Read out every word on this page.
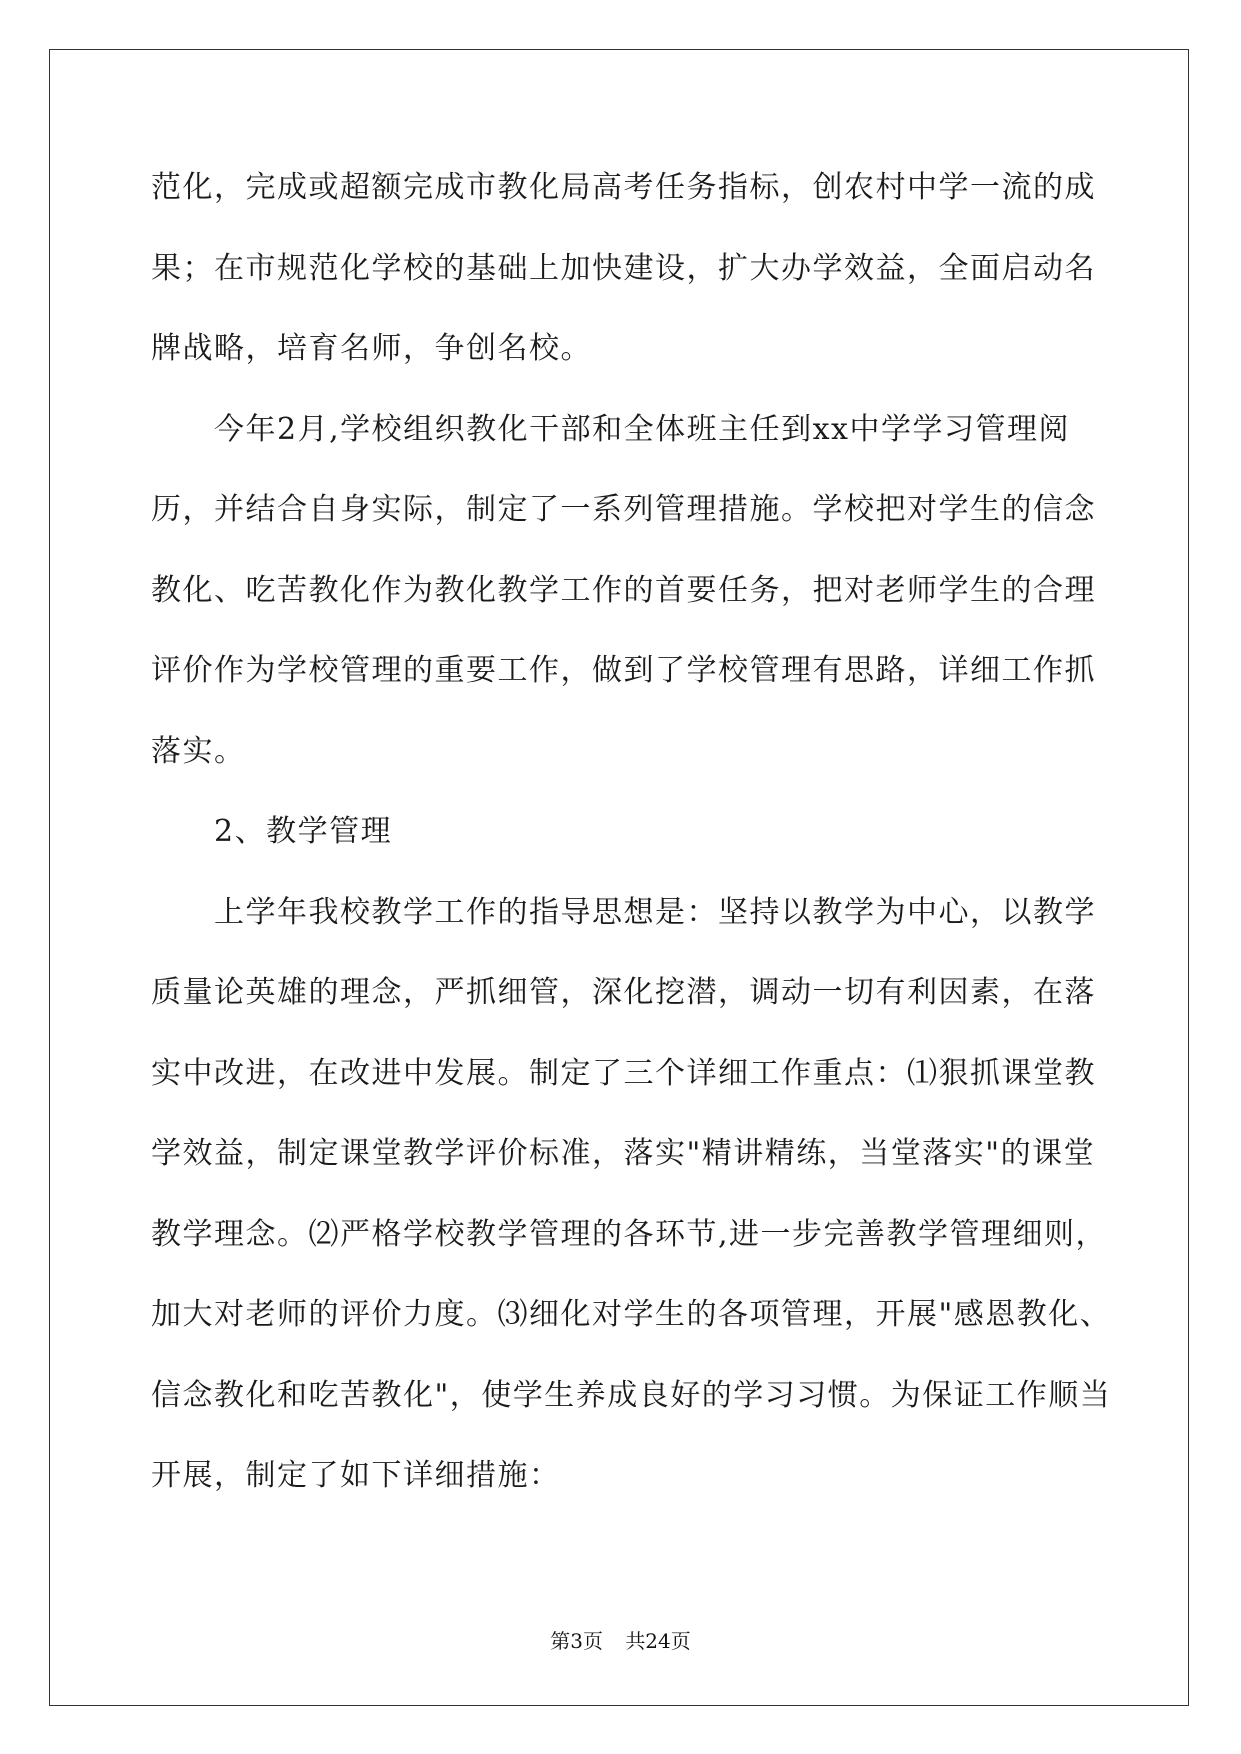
范化，完成或超额完成市教化局高考任务指标，创农村中学一流的成
果；在市规范化学校的基础上加快建设，扩大办学效益，全面启动名
牌战略，培育名师，争创名校。
　　今年2月,学校组织教化干部和全体班主任到xx中学学习管理阅
历，并结合自身实际，制定了一系列管理措施。学校把对学生的信念
教化、吃苦教化作为教化教学工作的首要任务，把对老师学生的合理
评价作为学校管理的重要工作，做到了学校管理有思路，详细工作抓
落实。
　　2、教学管理
　　上学年我校教学工作的指导思想是：坚持以教学为中心，以教学
质量论英雄的理念，严抓细管，深化挖潜，调动一切有利因素，在落
实中改进，在改进中发展。制定了三个详细工作重点：⑴狠抓课堂教
学效益，制定课堂教学评价标准，落实"精讲精练，当堂落实"的课堂
教学理念。⑵严格学校教学管理的各环节,进一步完善教学管理细则，
加大对老师的评价力度。⑶细化对学生的各项管理，开展"感恩教化、
信念教化和吃苦教化"，使学生养成良好的学习习惯。为保证工作顺当
开展，制定了如下详细措施：
第3页 共24页
